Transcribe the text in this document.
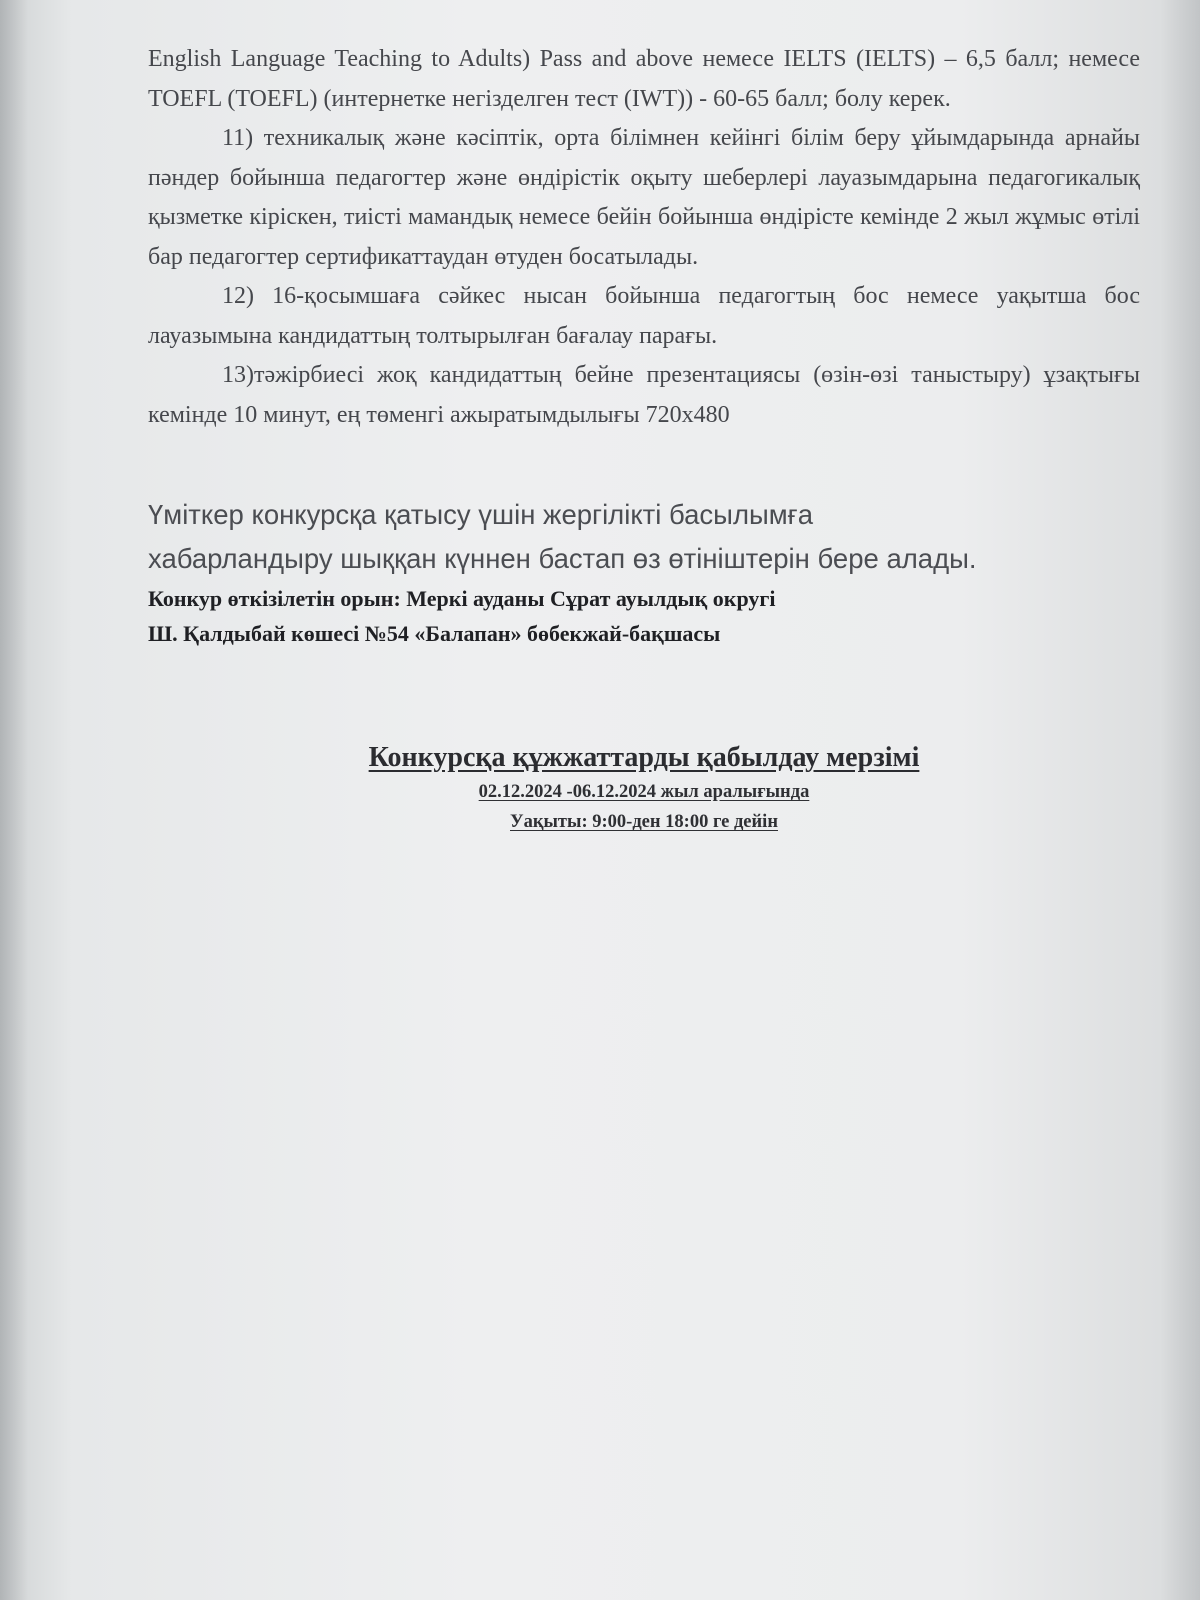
English Language Teaching to Adults) Pass and above немесе IELTS (IELTS) – 6,5 балл; немесе TOEFL (TOEFL) (интернетке негізделген тест (IWT)) - 60-65 балл; болу керек.

11) техникалық және кәсіптік, орта білімнен кейінгі білім беру ұйымдарында арнайы пәндер бойынша педагогтер және өндірістік оқыту шеберлері лауазымдарына педагогикалық қызметке кіріскен, тиісті мамандық немесе бейін бойынша өндірісте кемінде 2 жыл жұмыс өтілі бар педагогтер сертификаттаудан өтуден босатылады.

12) 16-қосымшаға сәйкес нысан бойынша педагогтың бос немесе уақытша бос лауазымына кандидаттың толтырылған бағалау парағы.

13)тәжірбиесі жоқ кандидаттың бейне презентациясы (өзін-өзі таныстыру) ұзақтығы кемінде 10 минут, ең төменгі ажыратымдылығы 720x480

Үміткер конкурсқа қатысу үшін жергілікті басылымға

хабарландыру шыққан күннен бастап өз өтініштерін бере алады.

Конкур өткізілетін орын: Меркі ауданы Сұрат ауылдық округі

Ш. Қалдыбай көшесі №54 «Балапан» бөбекжай-бақшасы

Конкурсқа құжжаттарды қабылдау мерзімі
02.12.2024 -06.12.2024 жыл аралығында
Уақыты: 9:00-ден 18:00 ге дейін
